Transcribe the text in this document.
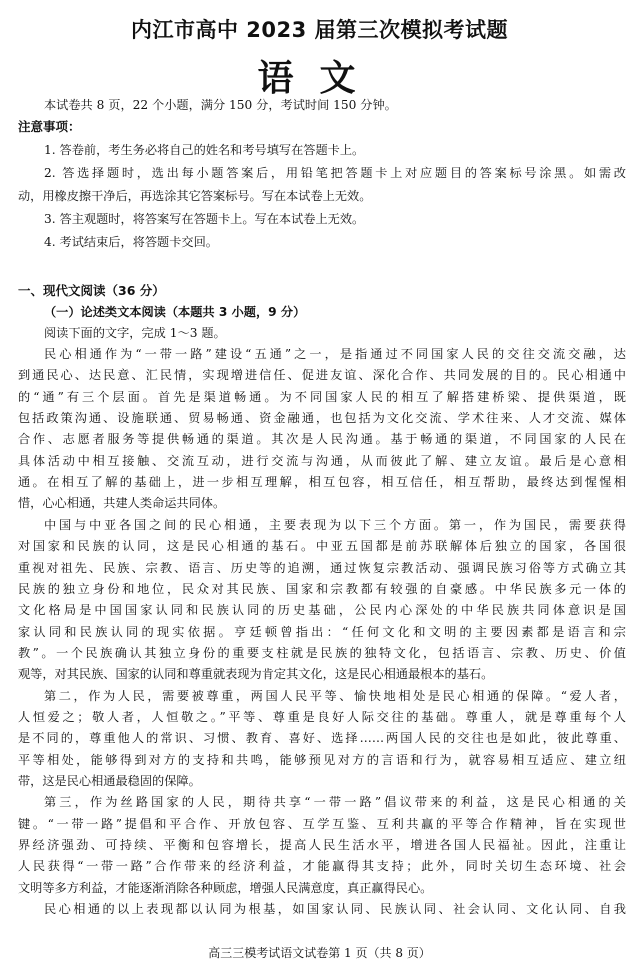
内江市高中 2023 届第三次模拟考试题
语文
本试卷共 8 页，22 个小题，满分 150 分，考试时间 150 分钟。
注意事项：
1. 答卷前，考生务必将自己的姓名和考号填写在答题卡上。
2. 答选择题时，选出每小题答案后，用铅笔把答题卡上对应题目的答案标号涂黑。如需改
动，用橡皮擦干净后，再选涂其它答案标号。写在本试卷上无效。
3. 答主观题时，将答案写在答题卡上。写在本试卷上无效。
4. 考试结束后，将答题卡交回。
一、现代文阅读（36 分）
（一）论述类文本阅读（本题共 3 小题，9 分）
阅读下面的文字，完成 1～3 题。
民心相通作为“一带一路”建设“五通”之一，是指通过不同国家人民的交往交流交融，达
到通民心、达民意、汇民情，实现增进信任、促进友谊、深化合作、共同发展的目的。民心相通中
的“通”有三个层面。首先是渠道畅通。为不同国家人民的相互了解搭建桥梁、提供渠道，既
包括政策沟通、设施联通、贸易畅通、资金融通，也包括为文化交流、学术往来、人才交流、媒体
合作、志愿者服务等提供畅通的渠道。其次是人民沟通。基于畅通的渠道，不同国家的人民在
具体活动中相互接触、交流互动，进行交流与沟通，从而彼此了解、建立友谊。最后是心意相
通。在相互了解的基础上，进一步相互理解，相互包容，相互信任，相互帮助，最终达到惺惺相
惜，心心相通，共建人类命运共同体。
中国与中亚各国之间的民心相通，主要表现为以下三个方面。第一，作为国民，需要获得
对国家和民族的认同，这是民心相通的基石。中亚五国都是前苏联解体后独立的国家，各国很
重视对祖先、民族、宗教、语言、历史等的追溯，通过恢复宗教活动、强调民族习俗等方式确立其
民族的独立身份和地位，民众对其民族、国家和宗教都有较强的自豪感。中华民族多元一体的
文化格局是中国国家认同和民族认同的历史基础，公民内心深处的中华民族共同体意识是国
家认同和民族认同的现实依据。亨廷顿曾指出：“任何文化和文明的主要因素都是语言和宗
教”。一个民族确认其独立身份的重要支柱就是民族的独特文化，包括语言、宗教、历史、价值
观等，对其民族、国家的认同和尊重就表现为肯定其文化，这是民心相通最根本的基石。
第二，作为人民，需要被尊重，两国人民平等、愉快地相处是民心相通的保障。“爱人者，
人恒爱之；敬人者，人恒敬之。”平等、尊重是良好人际交往的基础。尊重人，就是尊重每个人
是不同的，尊重他人的常识、习惯、教育、喜好、选择……两国人民的交往也是如此，彼此尊重、
平等相处，能够得到对方的支持和共鸣，能够预见对方的言语和行为，就容易相互适应、建立纽
带，这是民心相通最稳固的保障。
第三，作为丝路国家的人民，期待共享“一带一路”倡议带来的利益，这是民心相通的关
键。“一带一路”提倡和平合作、开放包容、互学互鉴、互利共赢的平等合作精神，旨在实现世
界经济强劲、可持续、平衡和包容增长，提高人民生活水平，增进各国人民福祉。因此，注重让
人民获得“一带一路”合作带来的经济利益，才能赢得其支持；此外，同时关切生态环境、社会
文明等多方利益，才能逐渐消除各种顾虑，增强人民满意度，真正赢得民心。
民心相通的以上表现都以认同为根基，如国家认同、民族认同、社会认同、文化认同、自我
高三三模考试语文试卷第 1 页（共 8 页）
